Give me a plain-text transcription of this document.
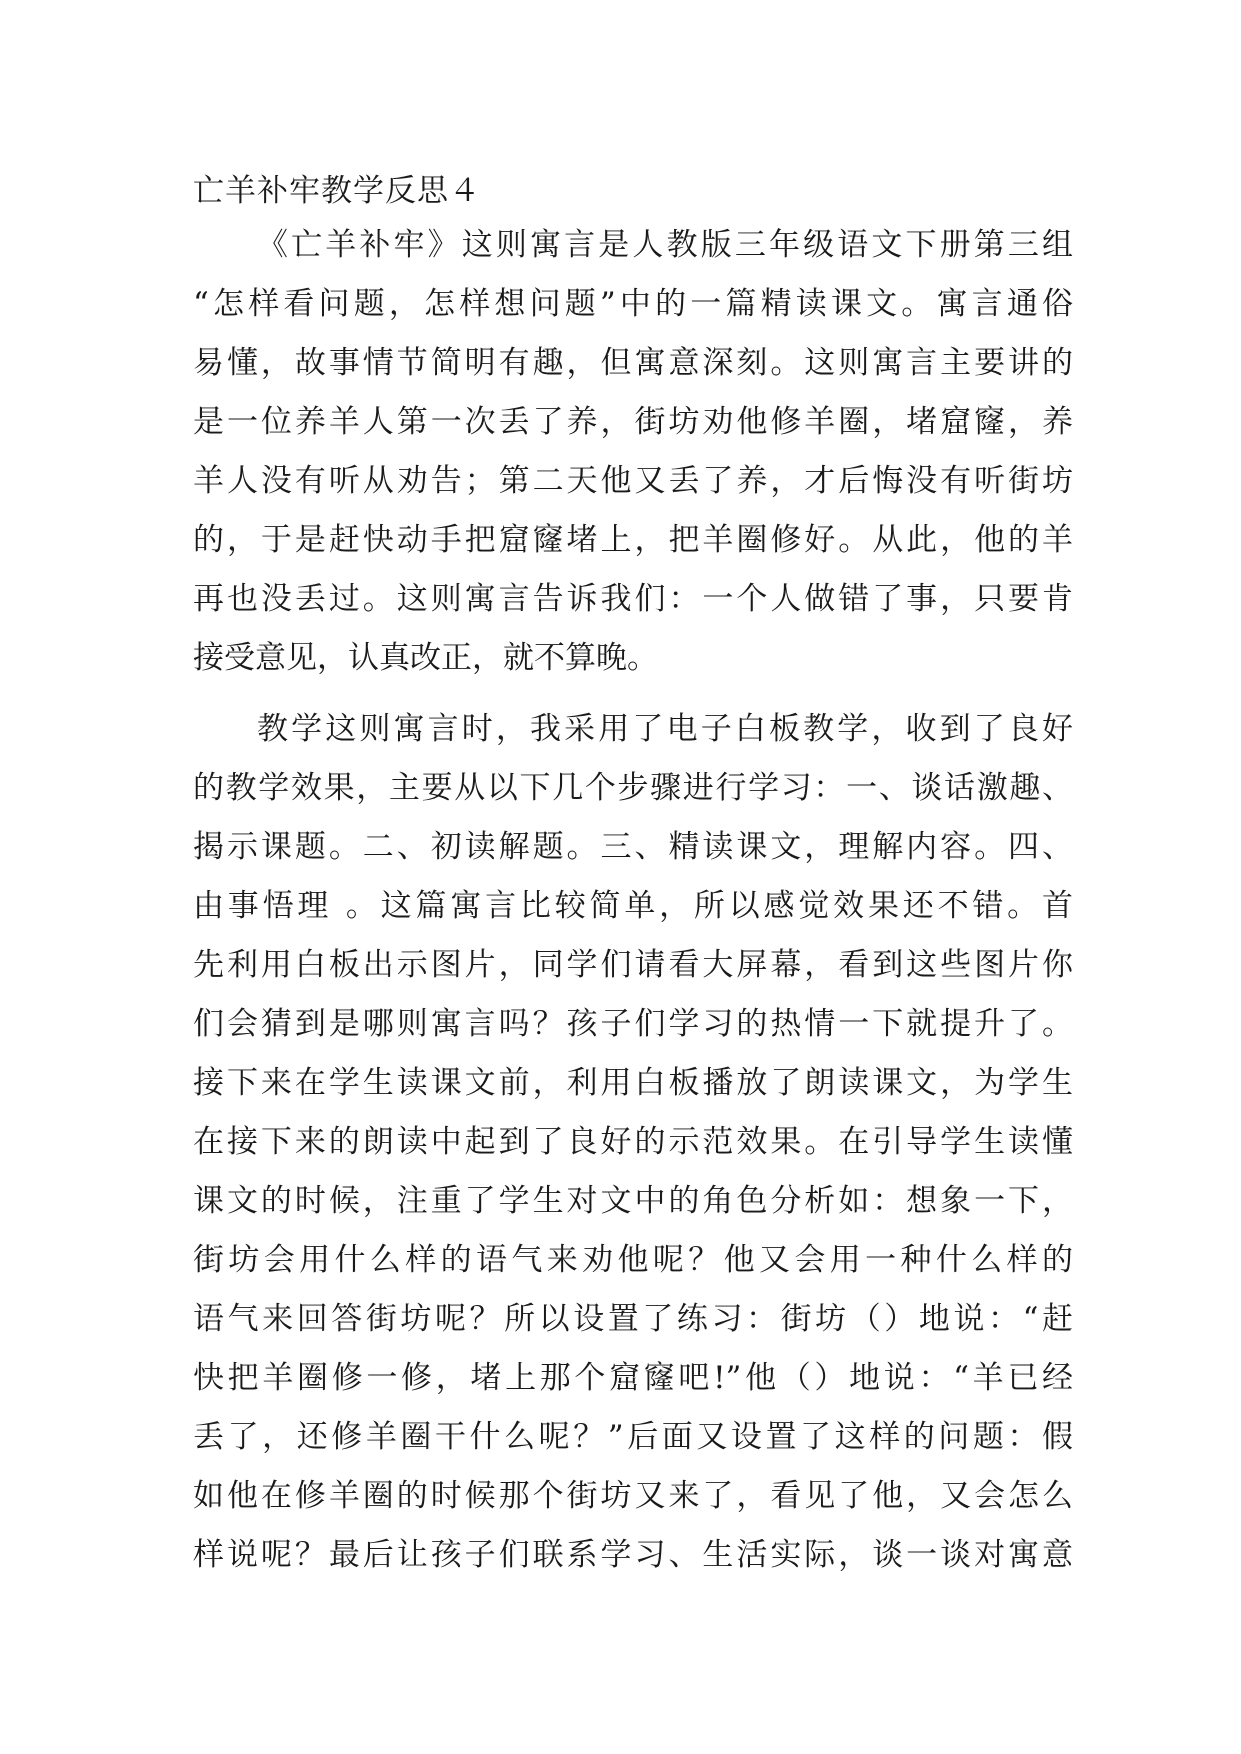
亡羊补牢教学反思４
《亡羊补牢》这则寓言是人教版三年级语文下册第三组
“怎样看问题，怎样想问题”中的一篇精读课文。寓言通俗
易懂，故事情节简明有趣，但寓意深刻。这则寓言主要讲的
是一位养羊人第一次丢了养，街坊劝他修羊圈，堵窟窿，养
羊人没有听从劝告；第二天他又丢了养，才后悔没有听街坊
的，于是赶快动手把窟窿堵上，把羊圈修好。从此，他的羊
再也没丢过。这则寓言告诉我们：一个人做错了事，只要肯
接受意见，认真改正，就不算晚。
教学这则寓言时，我采用了电子白板教学，收到了良好
的教学效果，主要从以下几个步骤进行学习：一、谈话激趣、
揭示课题。二、初读解题。三、精读课文，理解内容。四、
由事悟理 。这篇寓言比较简单，所以感觉效果还不错。首
先利用白板出示图片，同学们请看大屏幕，看到这些图片你
们会猜到是哪则寓言吗？孩子们学习的热情一下就提升了。
接下来在学生读课文前，利用白板播放了朗读课文，为学生
在接下来的朗读中起到了良好的示范效果。在引导学生读懂
课文的时候，注重了学生对文中的角色分析如：想象一下，
街坊会用什么样的语气来劝他呢？他又会用一种什么样的
语气来回答街坊呢？所以设置了练习：街坊（）地说：“赶
快把羊圈修一修，堵上那个窟窿吧!”他（）地说：“羊已经
丢了，还修羊圈干什么呢？”后面又设置了这样的问题：假
如他在修羊圈的时候那个街坊又来了，看见了他，又会怎么
样说呢？最后让孩子们联系学习、生活实际，谈一谈对寓意
